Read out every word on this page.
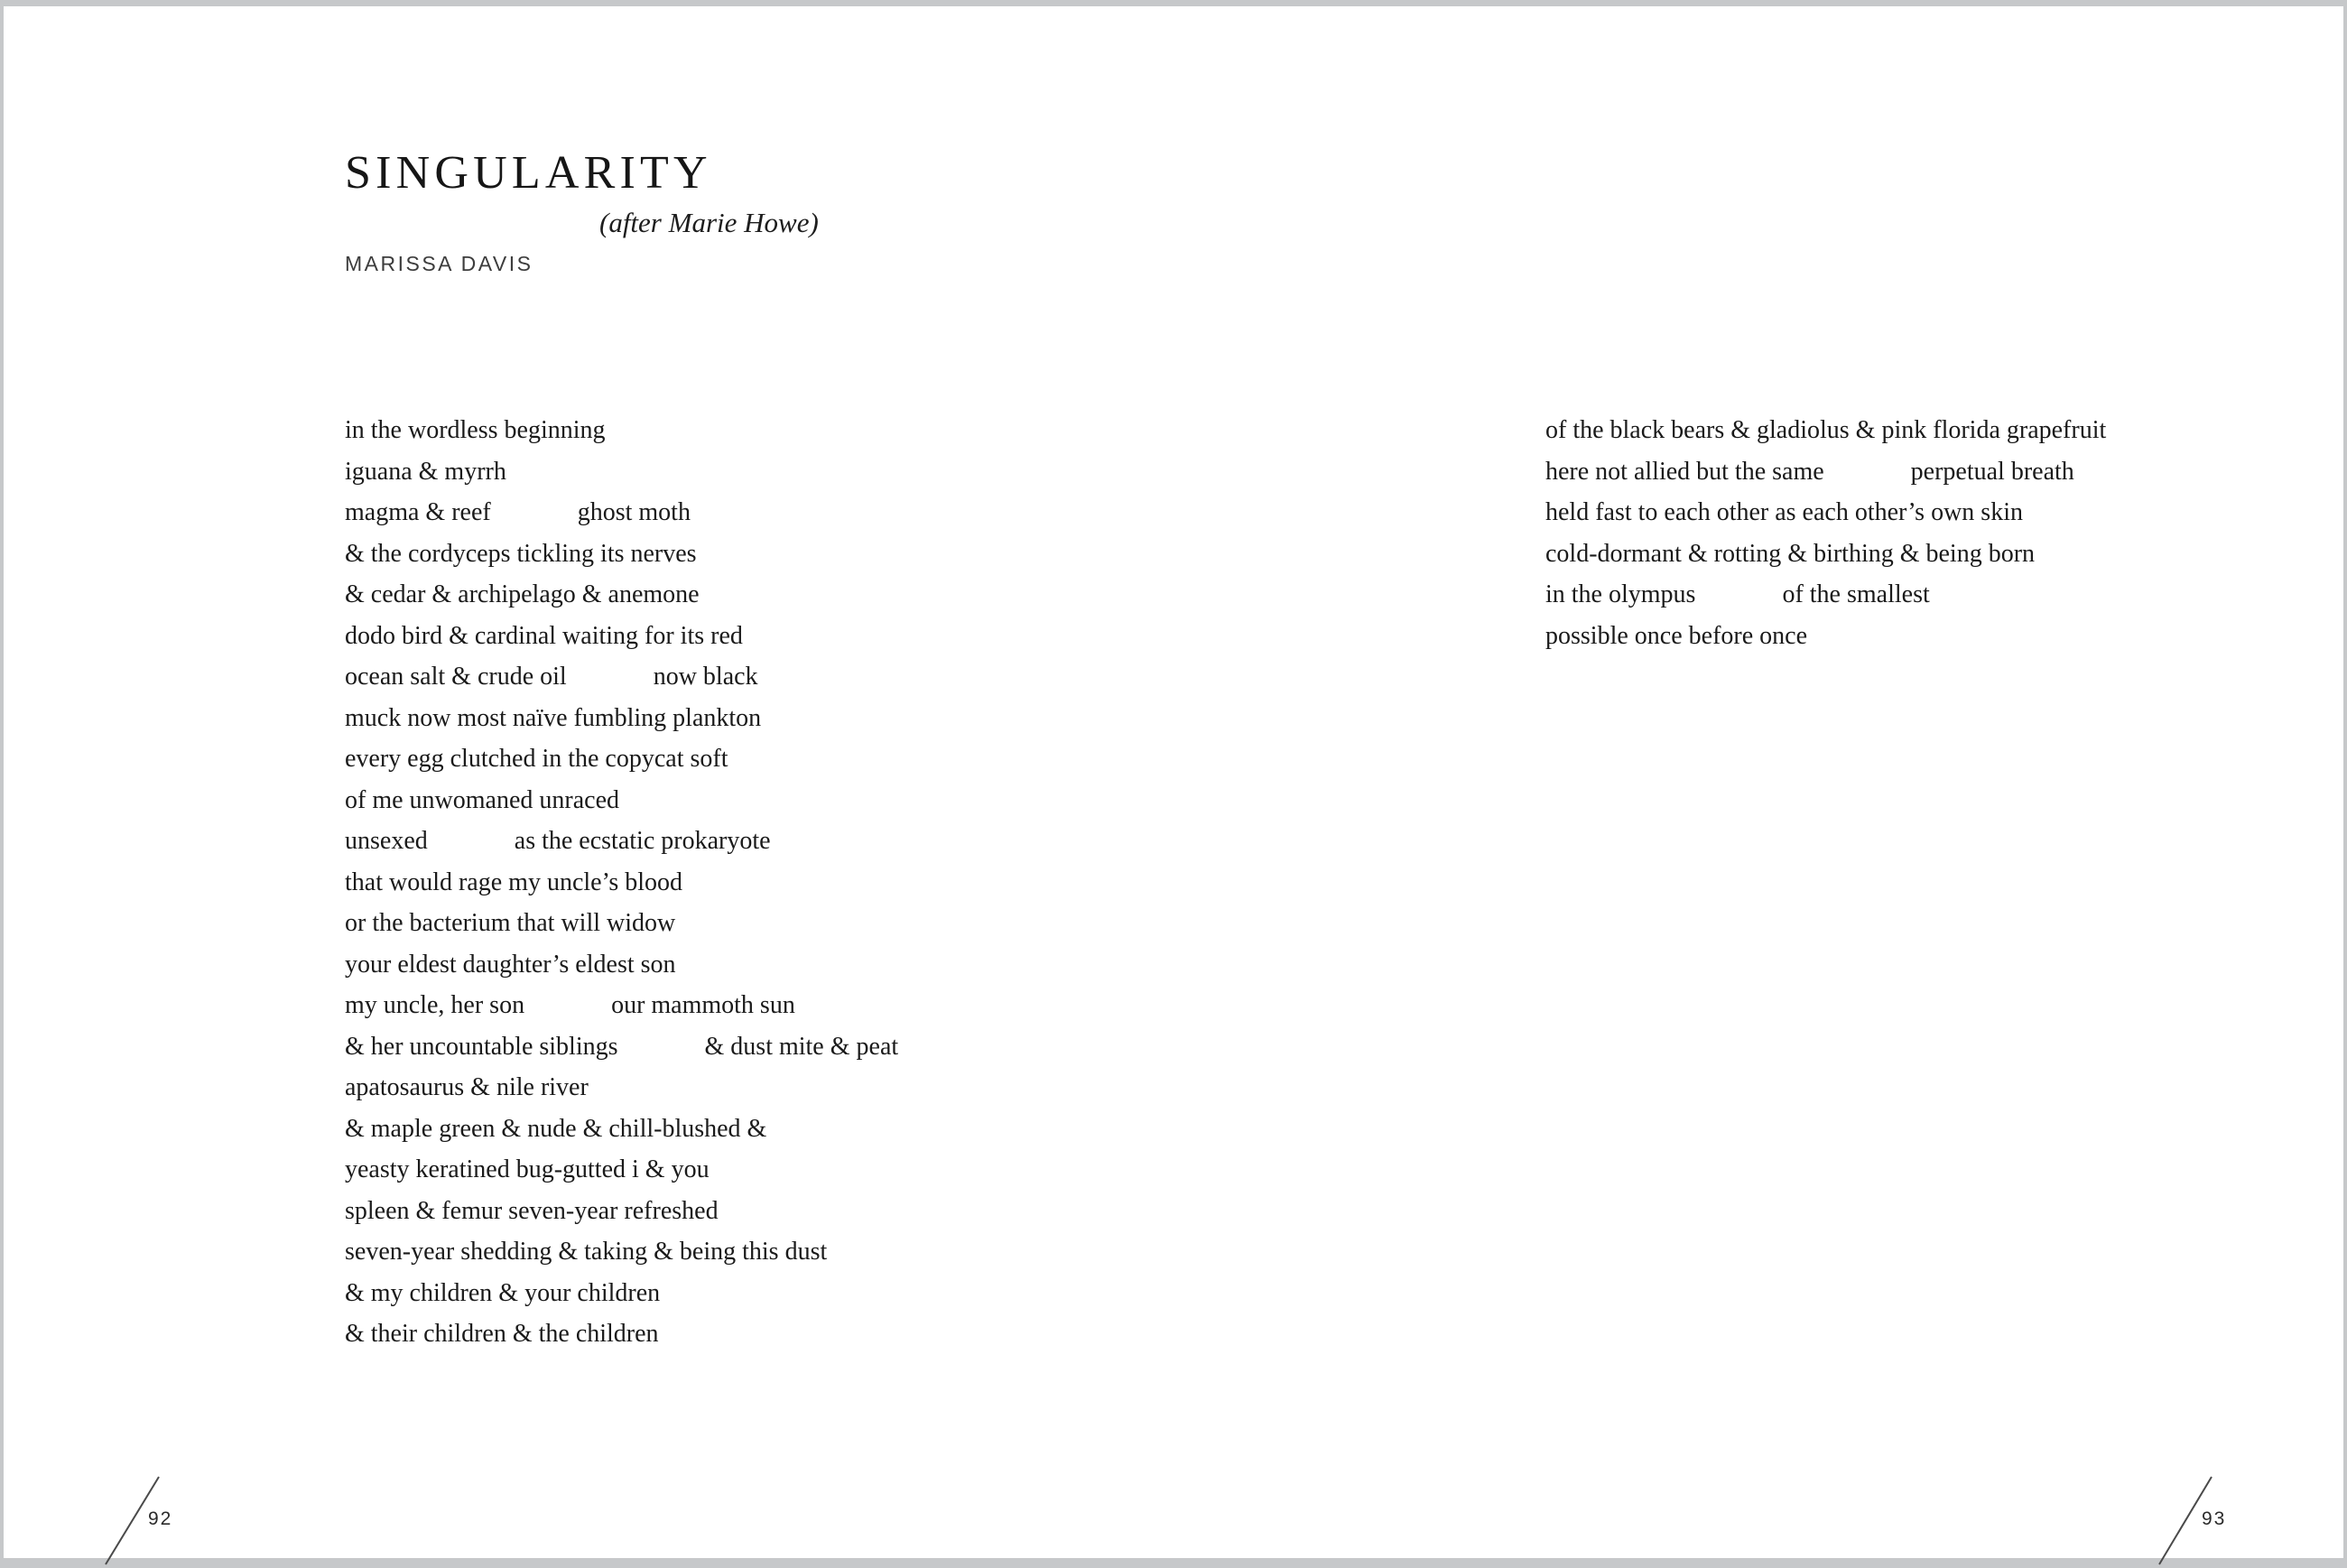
SINGULARITY
(after Marie Howe)
MARISSA DAVIS
in the wordless beginning
iguana & myrrh
magma & reef	ghost moth
& the cordyceps tickling its nerves
& cedar & archipelago & anemone
dodo bird & cardinal waiting for its red
ocean salt & crude oil	now black
muck now most naïve fumbling plankton
every egg clutched in the copycat soft
of me unwomaned unraced
unsexed	as the ecstatic prokaryote
that would rage my uncle’s blood
or the bacterium that will widow
your eldest daughter’s eldest son
my uncle, her son	our mammoth sun
& her uncountable siblings	& dust mite & peat
apatosaurus & nile river
& maple green & nude & chill-blushed &
yeasty keratined bug-gutted i & you
spleen & femur seven-year refreshed
seven-year shedding & taking & being this dust
& my children & your children
& their children & the children
of the black bears & gladiolus & pink florida grapefruit
here not allied but the same	perpetual breath
held fast to each other as each other’s own skin
cold-dormant & rotting & birthing & being born
in the olympus	of the smallest
possible once before once
92	93
